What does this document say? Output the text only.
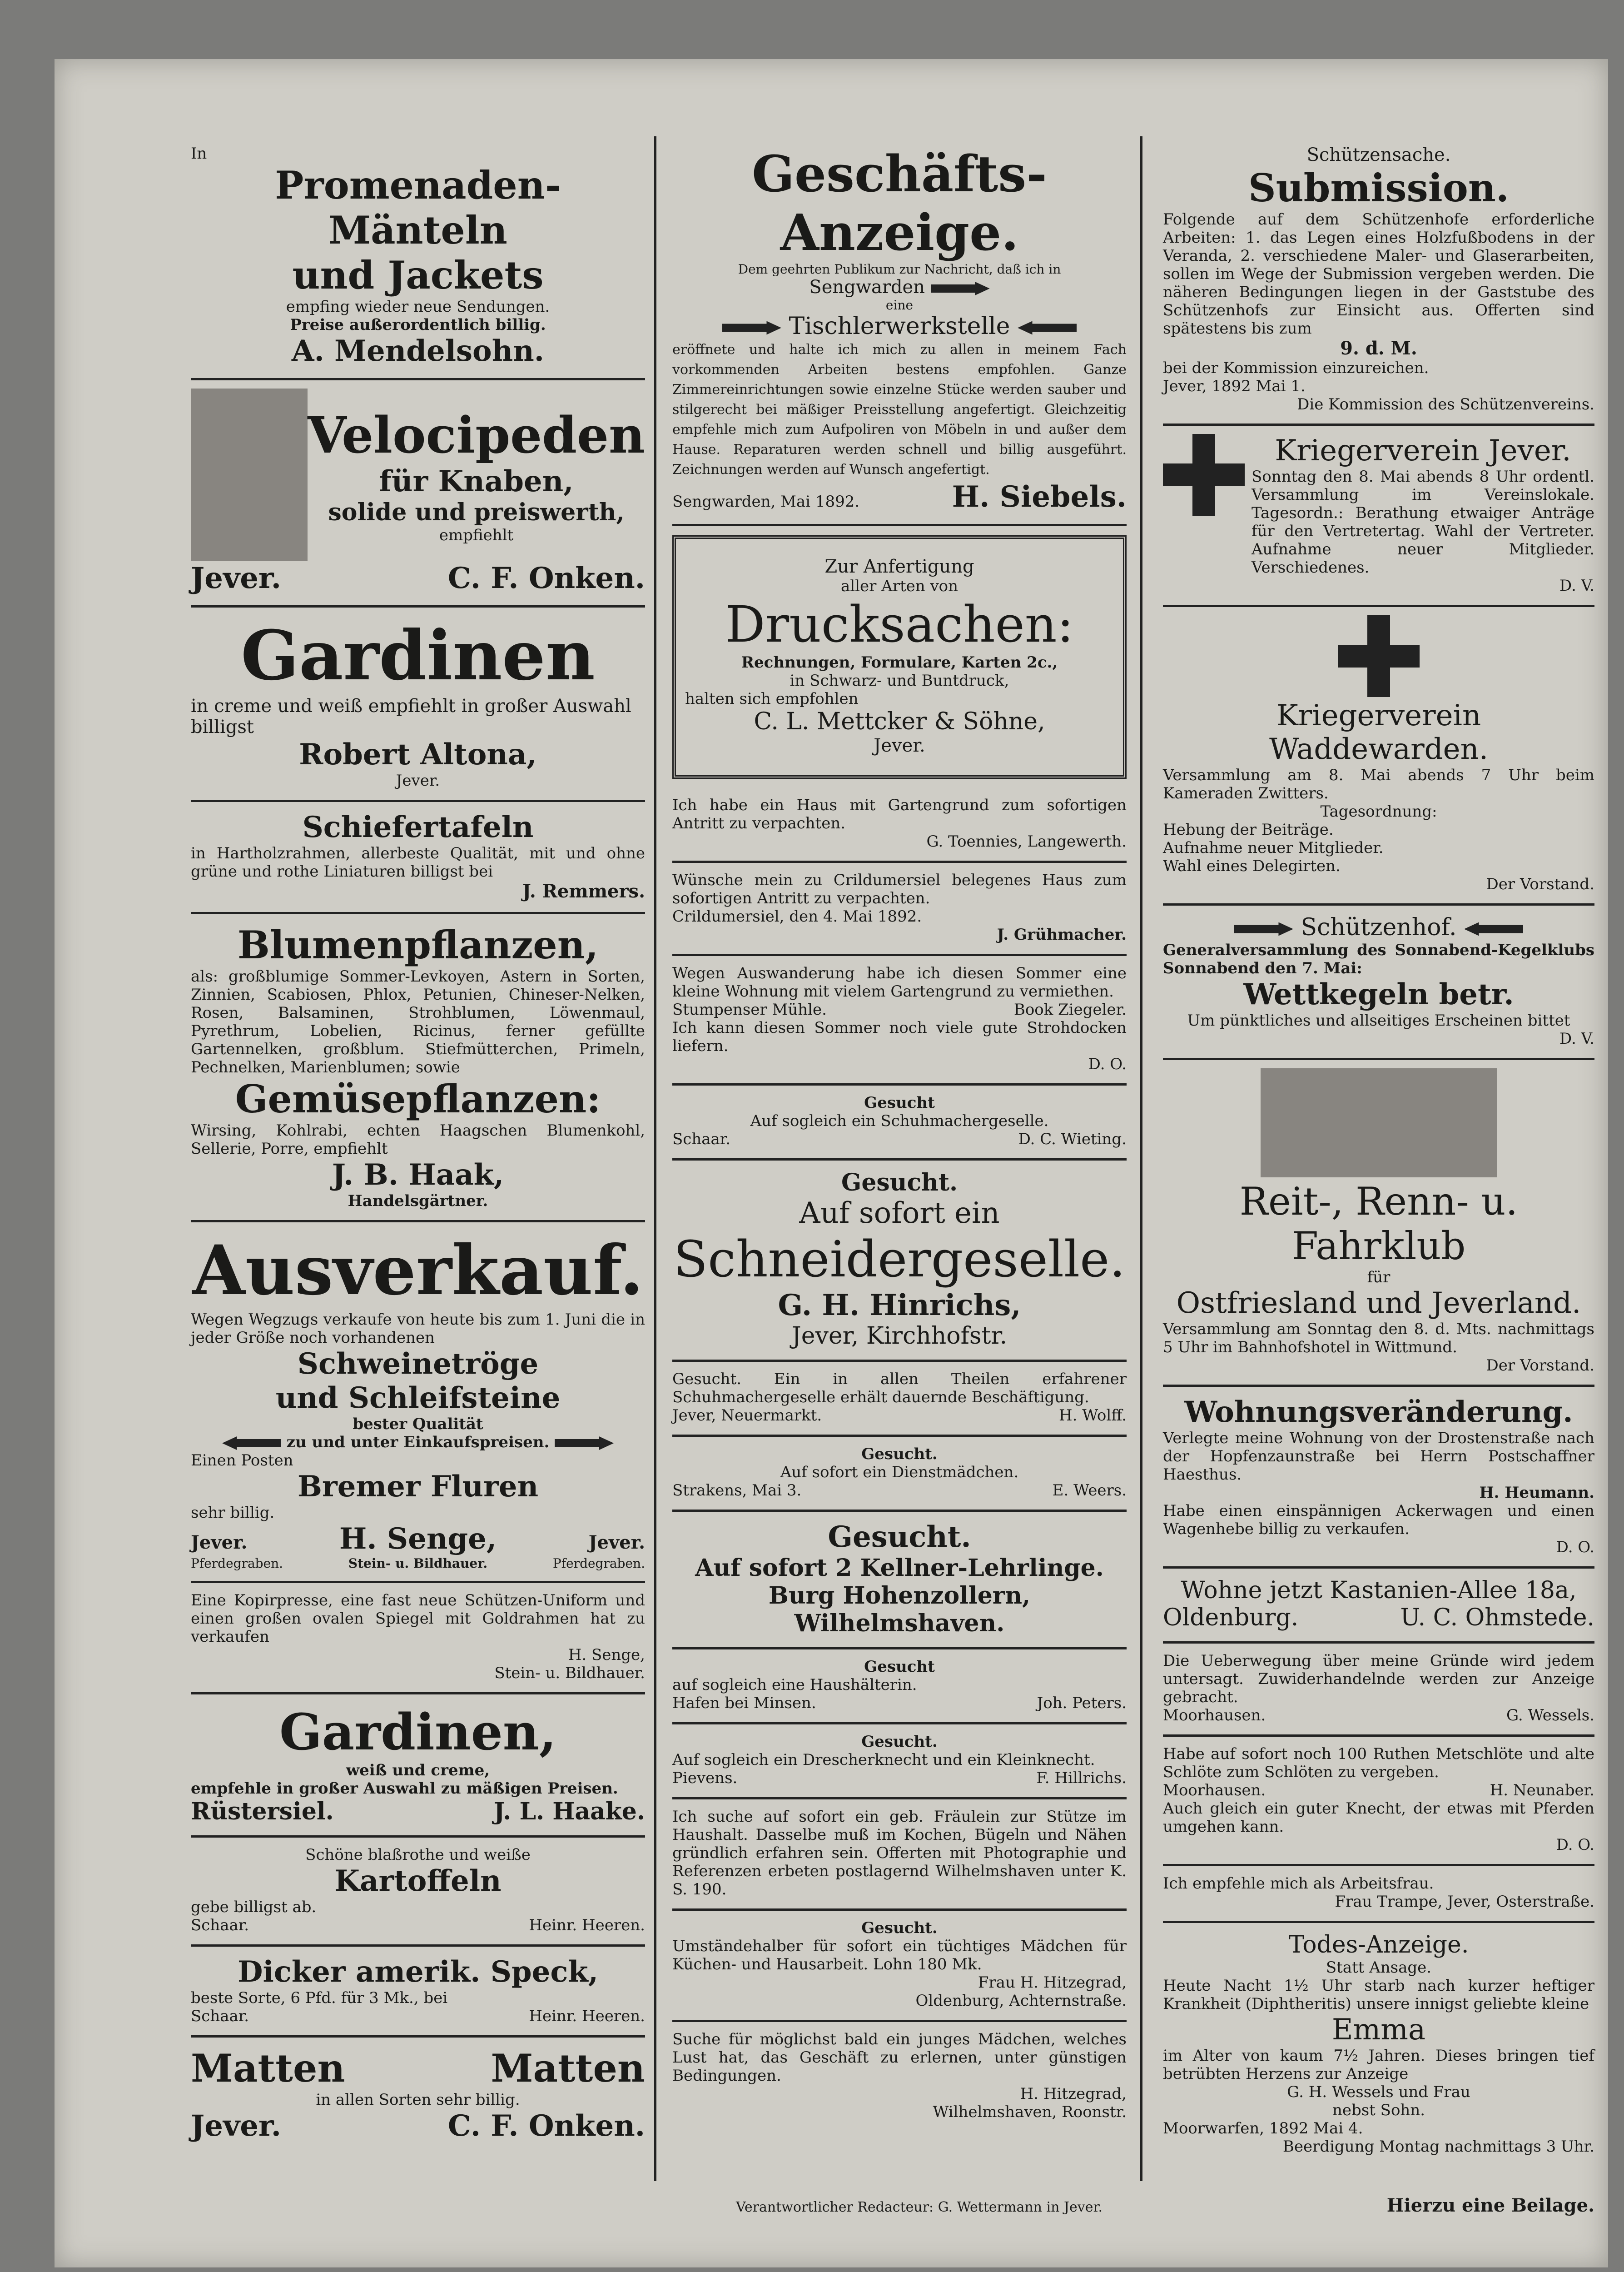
In
Promenaden-Mänteln
und Jackets
empfing wieder neue Sendungen.
Preise außerordentlich billig.
A. Mendelsohn.
Velocipeden
für Knaben,
solide und preiswerth,
empfiehlt
Jever.	C. F. Onken.
Gardinen
in creme und weiß empfiehlt in großer Auswahl billigst
Robert Altona,
Jever.
Schiefertafeln
in Hartholzrahmen, allerbeste Qualität, mit und ohne grüne und rothe Liniaturen billigst bei
J. Remmers.
Blumenpflanzen,
als: großblumige Sommer-Levkoyen, Astern in Sorten, Zinnien, Scabiosen, Phlox, Petunien, Chineser-Nelken, Rosen, Balsaminen, Strohblumen, Löwenmaul, Pyrethrum, Lobelien, Ricinus, ferner gefüllte Gartennelken, großblum. Stiefmütterchen, Primeln, Pechnelken, Marienblumen; sowie
Gemüsepflanzen:
Wirsing, Kohlrabi, echten Haagschen Blumenkohl, Sellerie, Porre, empfiehlt
J. B. Haak,
Handelsgärtner.
Ausverkauf.
Wegen Wegzugs verkaufe von heute bis zum 1. Juni die in jeder Größe noch vorhandenen
Schweinetröge
und Schleifsteine
bester Qualität
zu und unter Einkaufspreisen.
Einen Posten
Bremer Fluren
sehr billig.
Jever.	H. Senge,	Jever.
Pferdegraben.	Stein- u. Bildhauer.	Pferdegraben.
Eine Kopirpresse, eine fast neue Schützen-Uniform und einen großen ovalen Spiegel mit Goldrahmen hat zu verkaufen
H. Senge,
Stein- u. Bildhauer.
Gardinen,
weiß und creme,
empfehle in großer Auswahl zu mäßigen Preisen.
Rüstersiel.	J. L. Haake.
Schöne blaßrothe und weiße
Kartoffeln
gebe billigst ab.
Schaar.	Heinr. Heeren.
Dicker amerik. Speck,
beste Sorte, 6 Pfd. für 3 Mk., bei
Schaar.	Heinr. Heeren.
Matten	Matten
in allen Sorten sehr billig.
Jever.	C. F. Onken.
Geschäfts-Anzeige.
Dem geehrten Publikum zur Nachricht, daß ich in
Sengwarden
eine
Tischlerwerkstelle
eröffnete und halte ich mich zu allen in meinem Fach vorkommenden Arbeiten bestens empfohlen. Ganze Zimmereinrichtungen sowie einzelne Stücke werden sauber und stilgerecht bei mäßiger Preisstellung angefertigt. Gleichzeitig empfehle mich zum Aufpoliren von Möbeln in und außer dem Hause. Reparaturen werden schnell und billig ausgeführt. Zeichnungen werden auf Wunsch angefertigt.
Sengwarden, Mai 1892.	H. Siebels.
Zur Anfertigung
aller Arten von
Drucksachen:
Rechnungen, Formulare, Karten 2c.,
in Schwarz- und Buntdruck,
halten sich empfohlen
C. L. Mettcker & Söhne,
Jever.
Ich habe ein Haus mit Gartengrund zum sofortigen Antritt zu verpachten.
G. Toennies, Langewerth.
Wünsche mein zu Crildumersiel belegenes Haus zum sofortigen Antritt zu verpachten.
Crildumersiel, den 4. Mai 1892.
J. Grühmacher.
Wegen Auswanderung habe ich diesen Sommer eine kleine Wohnung mit vielem Gartengrund zu vermiethen.
Stumpenser Mühle.	Book Ziegeler.
Ich kann diesen Sommer noch viele gute Strohdocken liefern.
D. O.
Gesucht
Auf sogleich ein Schuhmachergeselle.
Schaar.	D. C. Wieting.
Gesucht.
Auf sofort ein
Schneidergeselle.
G. H. Hinrichs,
Jever, Kirchhofstr.
Gesucht. Ein in allen Theilen erfahrener Schuhmachergeselle erhält dauernde Beschäftigung.
Jever, Neuermarkt.	H. Wolff.
Gesucht.
Auf sofort ein Dienstmädchen.
Strakens, Mai 3.	E. Weers.
Gesucht.
Auf sofort 2 Kellner-Lehrlinge.
Burg Hohenzollern,
Wilhelmshaven.
Gesucht
auf sogleich eine Haushälterin.
Hafen bei Minsen.	Joh. Peters.
Gesucht.
Auf sogleich ein Drescherknecht und ein Kleinknecht.
Pievens.	F. Hillrichs.
Ich suche auf sofort ein geb. Fräulein zur Stütze im Haushalt. Dasselbe muß im Kochen, Bügeln und Nähen gründlich erfahren sein. Offerten mit Photographie und Referenzen erbeten postlagernd Wilhelmshaven unter K. S. 190.
Gesucht.
Umständehalber für sofort ein tüchtiges Mädchen für Küchen- und Hausarbeit. Lohn 180 Mk.
Frau H. Hitzegrad,
Oldenburg, Achternstraße.
Suche für möglichst bald ein junges Mädchen, welches Lust hat, das Geschäft zu erlernen, unter günstigen Bedingungen.
H. Hitzegrad,
Wilhelmshaven, Roonstr.
Schützensache.
Submission.
Folgende auf dem Schützenhofe erforderliche Arbeiten: 1. das Legen eines Holzfußbodens in der Veranda, 2. verschiedene Maler- und Glaserarbeiten, sollen im Wege der Submission vergeben werden. Die näheren Bedingungen liegen in der Gaststube des Schützenhofs zur Einsicht aus. Offerten sind spätestens bis zum
9. d. M.
bei der Kommission einzureichen.
Jever, 1892 Mai 1.
Die Kommission des Schützenvereins.
Kriegerverein Jever.
Sonntag den 8. Mai abends 8 Uhr ordentl. Versammlung im Vereinslokale. Tagesordn.: Berathung etwaiger Anträge für den Vertretertag. Wahl der Vertreter. Aufnahme neuer Mitglieder. Verschiedenes.
D. V.
Kriegerverein Waddewarden.
Versammlung am 8. Mai abends 7 Uhr beim Kameraden Zwitters.
Tagesordnung:
Hebung der Beiträge.
Aufnahme neuer Mitglieder.
Wahl eines Delegirten.
Der Vorstand.
Schützenhof.
Generalversammlung des Sonnabend-Kegelklubs Sonnabend den 7. Mai:
Wettkegeln betr.
Um pünktliches und allseitiges Erscheinen bittet
D. V.
Reit-, Renn- u. Fahrklub
für
Ostfriesland und Jeverland.
Versammlung am Sonntag den 8. d. Mts. nachmittags 5 Uhr im Bahnhofshotel in Wittmund.
Der Vorstand.
Wohnungsveränderung.
Verlegte meine Wohnung von der Drostenstraße nach der Hopfenzaunstraße bei Herrn Postschaffner Haesthus.
H. Heumann.
Habe einen einspännigen Ackerwagen und einen Wagenhebe billig zu verkaufen.
D. O.
Wohne jetzt Kastanien-Allee 18a,
Oldenburg.	U. C. Ohmstede.
Die Ueberwegung über meine Gründe wird jedem untersagt. Zuwiderhandelnde werden zur Anzeige gebracht.
Moorhausen.	G. Wessels.
Habe auf sofort noch 100 Ruthen Metschlöte und alte Schlöte zum Schlöten zu vergeben.
Moorhausen.	H. Neunaber.
Auch gleich ein guter Knecht, der etwas mit Pferden umgehen kann.
D. O.
Ich empfehle mich als Arbeitsfrau.
Frau Trampe, Jever, Osterstraße.
Todes-Anzeige.
Statt Ansage.
Heute Nacht 1½ Uhr starb nach kurzer heftiger Krankheit (Diphtheritis) unsere innigst geliebte kleine
Emma
im Alter von kaum 7½ Jahren. Dieses bringen tief betrübten Herzens zur Anzeige
G. H. Wessels und Frau
nebst Sohn.
Moorwarfen, 1892 Mai 4.
Beerdigung Montag nachmittags 3 Uhr.
Verantwortlicher Redacteur: G. Wettermann in Jever.	Hierzu eine Beilage.
